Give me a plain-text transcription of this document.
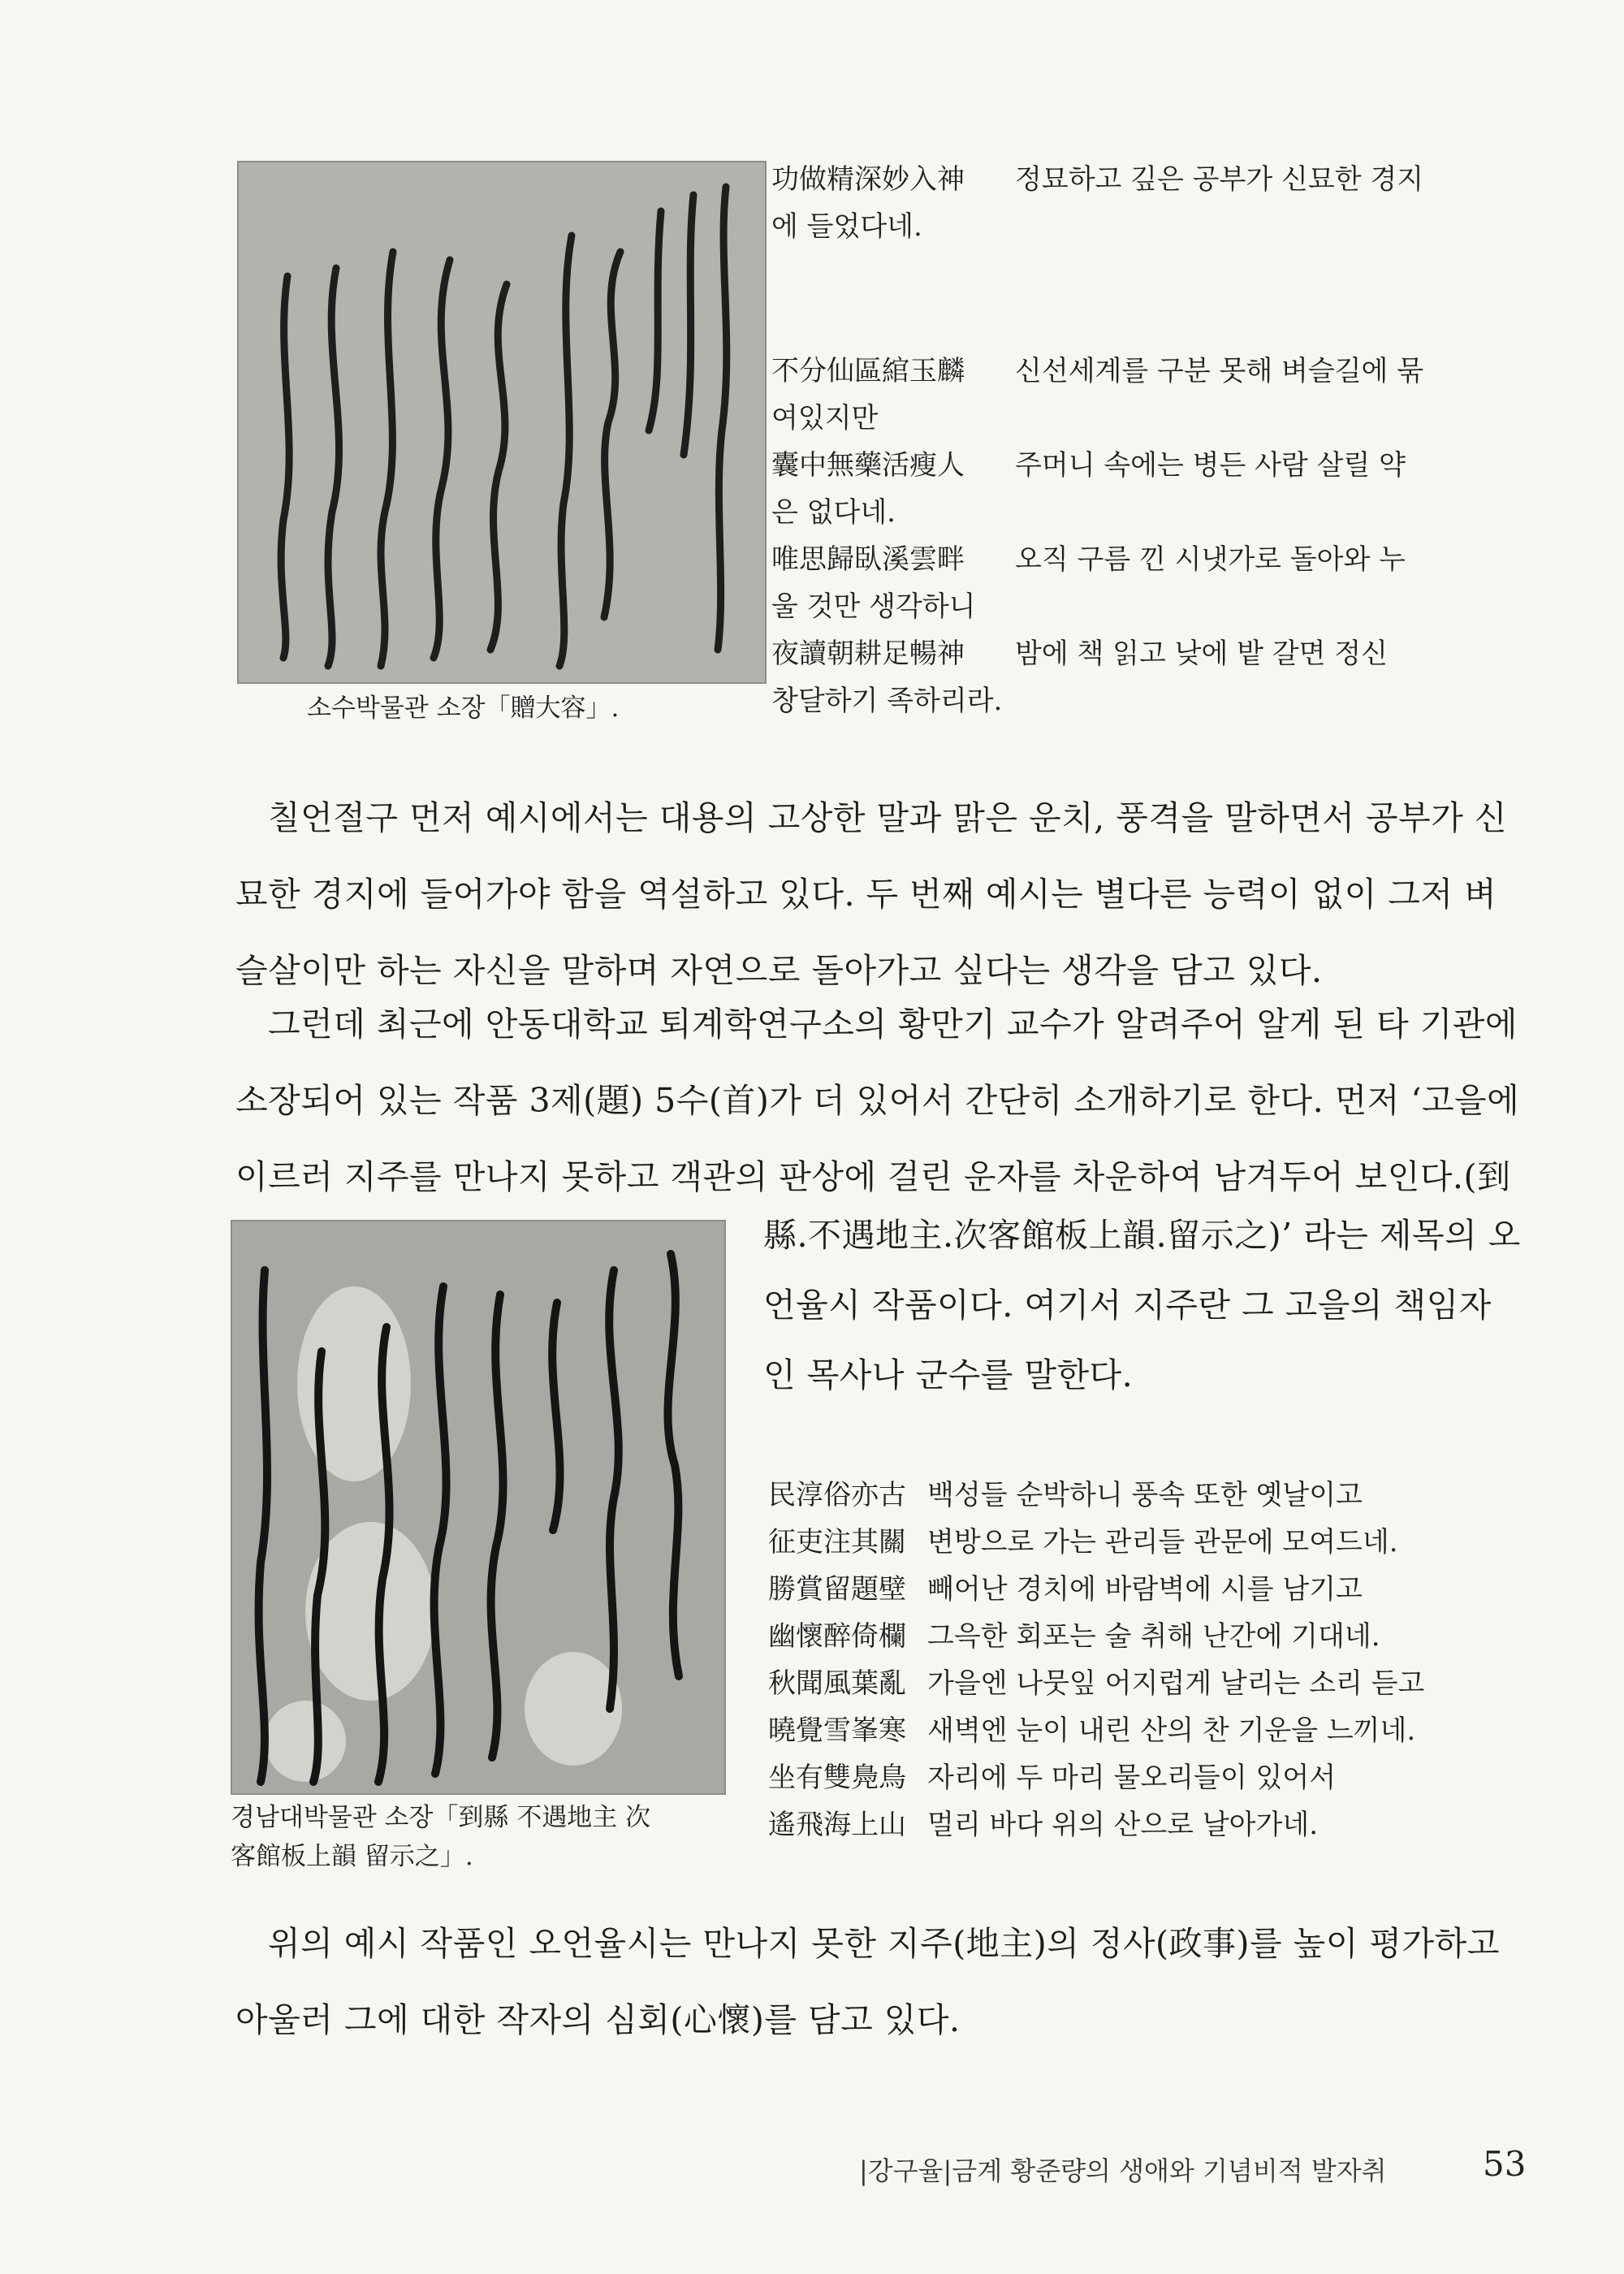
소수박물관 소장「贈大容」.
功做精深妙入神 정묘하고 깊은 공부가 신묘한 경지
에 들었다네.
不分仙區綰玉麟 신선세계를 구분 못해 벼슬길에 묶
여있지만
囊中無藥活瘦人 주머니 속에는 병든 사람 살릴 약
은 없다네.
唯思歸臥溪雲畔 오직 구름 낀 시냇가로 돌아와 누
울 것만 생각하니
夜讀朝耕足暢神 밤에 책 읽고 낮에 밭 갈면 정신
창달하기 족하리라.
칠언절구 먼저 예시에서는 대용의 고상한 말과 맑은 운치, 풍격을 말하면서 공부가 신
묘한 경지에 들어가야 함을 역설하고 있다. 두 번째 예시는 별다른 능력이 없이 그저 벼
슬살이만 하는 자신을 말하며 자연으로 돌아가고 싶다는 생각을 담고 있다.
그런데 최근에 안동대학교 퇴계학연구소의 황만기 교수가 알려주어 알게 된 타 기관에
소장되어 있는 작품 3제(題) 5수(首)가 더 있어서 간단히 소개하기로 한다. 먼저 ‘고을에
이르러 지주를 만나지 못하고 객관의 판상에 걸린 운자를 차운하여 남겨두어 보인다.(到
경남대박물관 소장「到縣 不遇地主 次
客館板上韻 留示之」.
縣.不遇地主.次客館板上韻.留示之)’ 라는 제목의 오
언율시 작품이다. 여기서 지주란 그 고을의 책임자
인 목사나 군수를 말한다.
民淳俗亦古 백성들 순박하니 풍속 또한 옛날이고
征吏注其關 변방으로 가는 관리들 관문에 모여드네.
勝賞留題壁 빼어난 경치에 바람벽에 시를 남기고
幽懷醉倚欄 그윽한 회포는 술 취해 난간에 기대네.
秋聞風葉亂 가을엔 나뭇잎 어지럽게 날리는 소리 듣고
曉覺雪峯寒 새벽엔 눈이 내린 산의 찬 기운을 느끼네.
坐有雙鳧鳥 자리에 두 마리 물오리들이 있어서
遙飛海上山 멀리 바다 위의 산으로 날아가네.
위의 예시 작품인 오언율시는 만나지 못한 지주(地主)의 정사(政事)를 높이 평가하고
아울러 그에 대한 작자의 심회(心懷)를 담고 있다.
|강구율|금계 황준량의 생애와 기념비적 발자취	53
